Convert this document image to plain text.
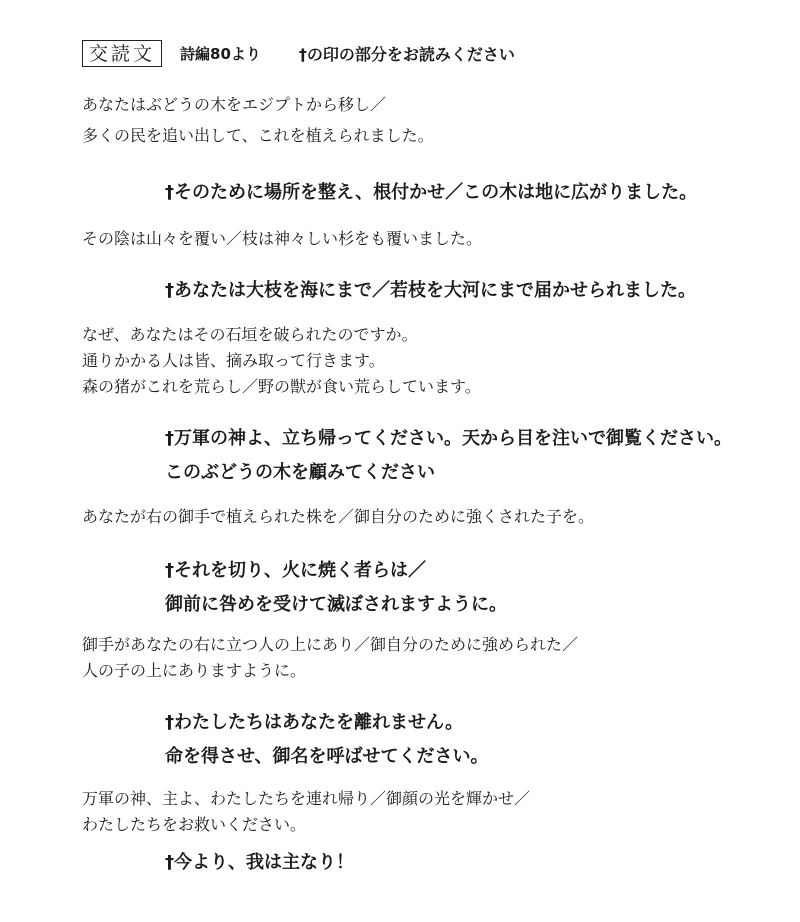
交読文	詩編80より †の印の部分をお読みください
あなたはぶどうの木をエジプトから移し／
多くの民を追い出して、これを植えられました。
†そのために場所を整え、根付かせ／この木は地に広がりました。
その陰は山々を覆い／枝は神々しい杉をも覆いました。
†あなたは大枝を海にまで／若枝を大河にまで届かせられました。
なぜ、あなたはその石垣を破られたのですか。
通りかかる人は皆、摘み取って行きます。
森の猪がこれを荒らし／野の獣が食い荒らしています。
†万軍の神よ、立ち帰ってください。天から目を注いで御覧ください。
このぶどうの木を顧みてください
あなたが右の御手で植えられた株を／御自分のために強くされた子を。
†それを切り、火に焼く者らは／
御前に咎めを受けて滅ぼされますように。
御手があなたの右に立つ人の上にあり／御自分のために強められた／
人の子の上にありますように。
†わたしたちはあなたを離れません。
命を得させ、御名を呼ばせてください。
万軍の神、主よ、わたしたちを連れ帰り／御顔の光を輝かせ／
わたしたちをお救いください。
†今より、我は主なり！
